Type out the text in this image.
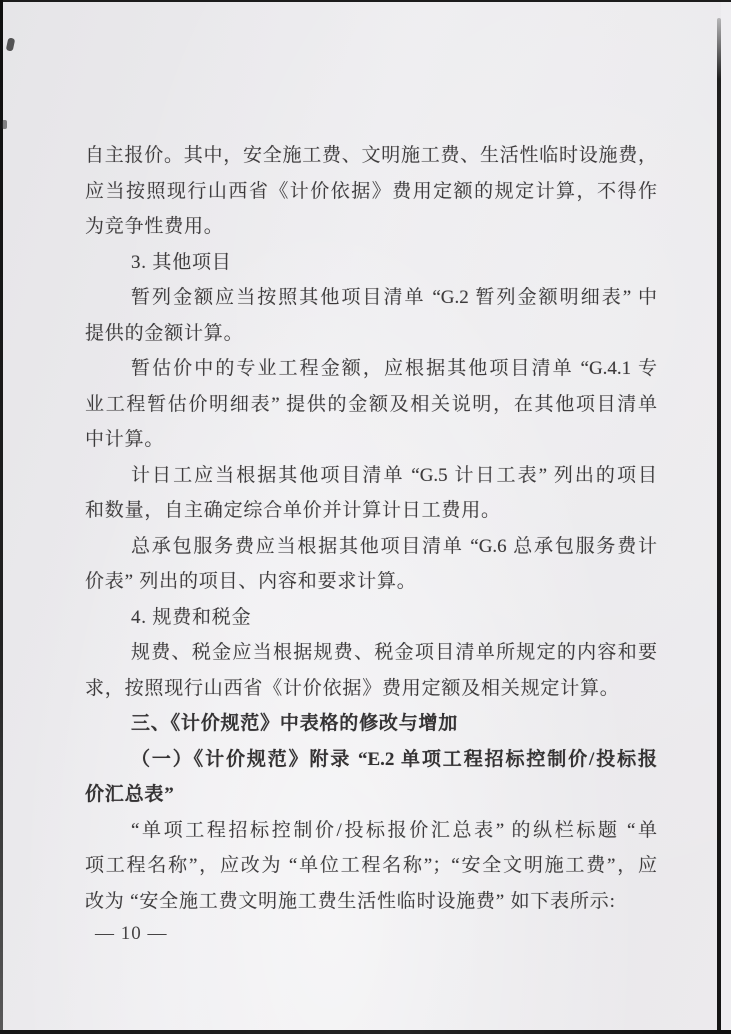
自主报价。其中，安全施工费、文明施工费、生活性临时设施费，

应当按照现行山西省《计价依据》费用定额的规定计算，不得作

为竞争性费用。

3. 其他项目

暂列金额应当按照其他项目清单 “G.2 暂列金额明细表” 中

提供的金额计算。

暂估价中的专业工程金额，应根据其他项目清单 “G.4.1 专

业工程暂估价明细表” 提供的金额及相关说明，在其他项目清单

中计算。

计日工应当根据其他项目清单 “G.5 计日工表” 列出的项目

和数量，自主确定综合单价并计算计日工费用。

总承包服务费应当根据其他项目清单 “G.6 总承包服务费计

价表” 列出的项目、内容和要求计算。

4. 规费和税金

规费、税金应当根据规费、税金项目清单所规定的内容和要

求，按照现行山西省《计价依据》费用定额及相关规定计算。

三、《计价规范》中表格的修改与增加

（一）《计价规范》附录 “E.2 单项工程招标控制价/投标报

价汇总表”

“单项工程招标控制价/投标报价汇总表” 的纵栏标题 “单

项工程名称”，应改为 “单位工程名称”；“安全文明施工费”，应

改为 “安全施工费文明施工费生活性临时设施费” 如下表所示:

— 10 —
